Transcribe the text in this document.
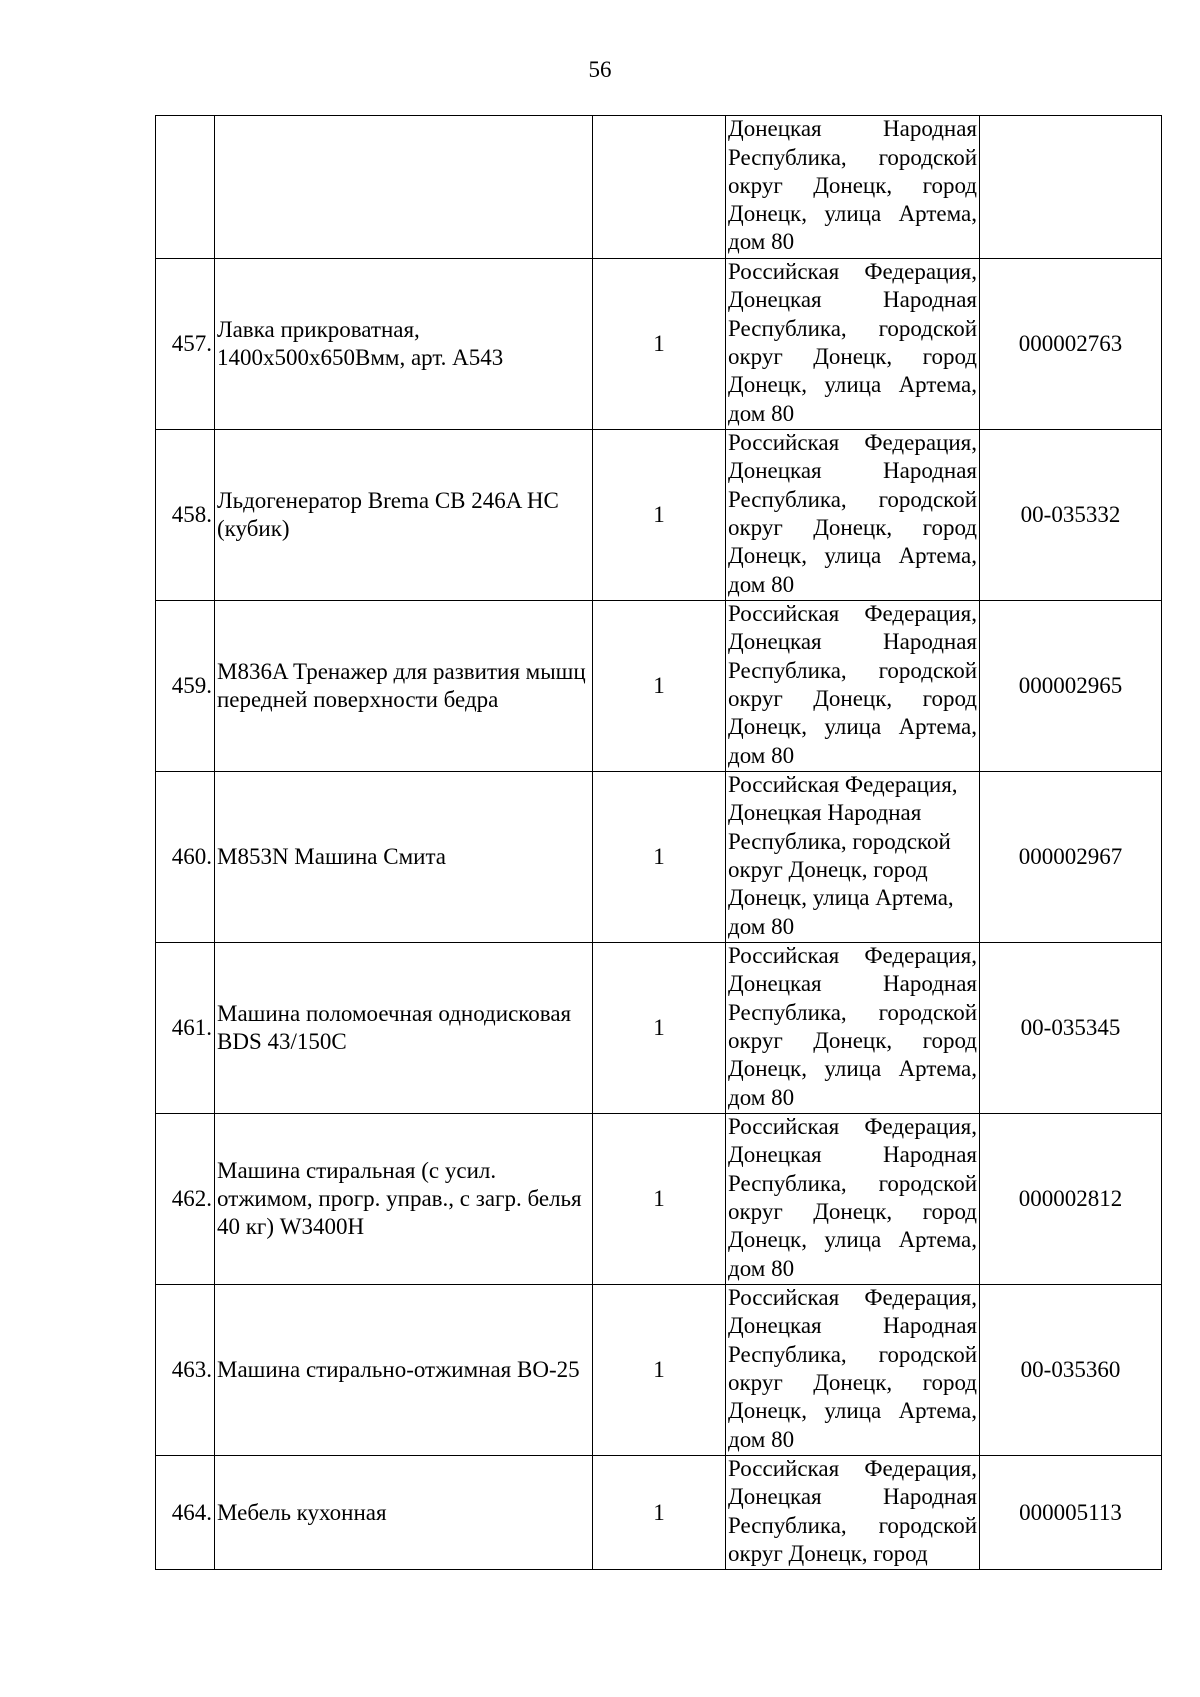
56

			Донецкая Народная Республика, городской округ Донецк, город Донецк, улица Артема, дом 80	

457.	Лавка прикроватная, 1400х500х650Вмм, арт. А543	1	Российская Федерация, Донецкая Народная Республика, городской округ Донецк, город Донецк, улица Артема, дом 80	000002763
458.	Льдогенератор Brema CB 246A HC (кубик)	1	Российская Федерация, Донецкая Народная Республика, городской округ Донецк, город Донецк, улица Артема, дом 80	00-035332
459.	M836A Тренажер для развития мышц передней поверхности бедра	1	Российская Федерация, Донецкая Народная Республика, городской округ Донецк, город Донецк, улица Артема, дом 80	000002965
460.	M853N Машина Смита	1	Российская Федерация, Донецкая Народная Республика, городской округ Донецк, город Донецк, улица Артема, дом 80	000002967
461.	Машина поломоечная однодисковая BDS 43/150C	1	Российская Федерация, Донецкая Народная Республика, городской округ Донецк, город Донецк, улица Артема, дом 80	00-035345
462.	Машина стиральная (с усил. отжимом, прогр. управ., с загр. белья 40 кг) W3400H	1	Российская Федерация, Донецкая Народная Республика, городской округ Донецк, город Донецк, улица Артема, дом 80	000002812
463.	Машина стирально-отжимная ВО-25	1	Российская Федерация, Донецкая Народная Республика, городской округ Донецк, город Донецк, улица Артема, дом 80	00-035360
464.	Мебель кухонная	1	Российская Федерация, Донецкая Народная Республика, городской округ Донецк, город	000005113
